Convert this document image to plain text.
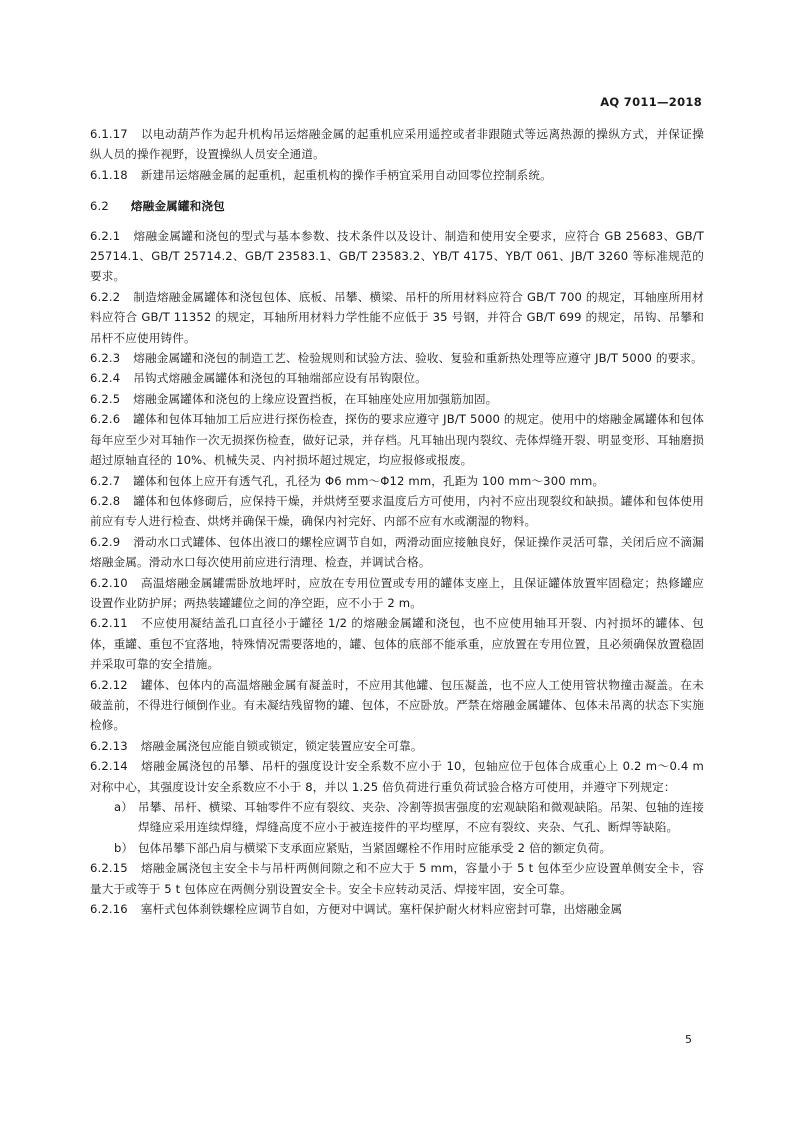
AQ 7011—2018

6.1.17 以电动葫芦作为起升机构吊运熔融金属的起重机应采用遥控或者非跟随式等远离热源的操纵方式，并保证操纵人员的操作视野，设置操纵人员安全通道。

6.1.18 新建吊运熔融金属的起重机，起重机构的操作手柄宜采用自动回零位控制系统。

6.2 熔融金属罐和浇包

6.2.1 熔融金属罐和浇包的型式与基本参数、技术条件以及设计、制造和使用安全要求，应符合 GB 25683、GB/T 25714.1、GB/T 25714.2、GB/T 23583.1、GB/T 23583.2、YB/T 4175、YB/T 061、JB/T 3260 等标准规范的要求。

6.2.2 制造熔融金属罐体和浇包包体、底板、吊攀、横梁、吊杆的所用材料应符合 GB/T 700 的规定，耳轴座所用材料应符合 GB/T 11352 的规定，耳轴所用材料力学性能不应低于 35 号钢，并符合 GB/T 699 的规定，吊钩、吊攀和吊杆不应使用铸件。

6.2.3 熔融金属罐和浇包的制造工艺、检验规则和试验方法、验收、复验和重新热处理等应遵守 JB/T 5000 的要求。

6.2.4 吊钩式熔融金属罐体和浇包的耳轴端部应设有吊钩限位。

6.2.5 熔融金属罐体和浇包的上缘应设置挡板，在耳轴座处应用加强筋加固。

6.2.6 罐体和包体耳轴加工后应进行探伤检查，探伤的要求应遵守 JB/T 5000 的规定。使用中的熔融金属罐体和包体每年应至少对耳轴作一次无损探伤检查，做好记录，并存档。凡耳轴出现内裂纹、壳体焊缝开裂、明显变形、耳轴磨损超过原轴直径的 10%、机械失灵、内衬损坏超过规定，均应报修或报废。

6.2.7 罐体和包体上应开有透气孔，孔径为 Φ6 mm～Φ12 mm，孔距为 100 mm～300 mm。

6.2.8 罐体和包体修砌后，应保持干燥，并烘烤至要求温度后方可使用，内衬不应出现裂纹和缺损。罐体和包体使用前应有专人进行检查、烘烤并确保干燥，确保内衬完好、内部不应有水或潮湿的物料。

6.2.9 滑动水口式罐体、包体出液口的螺栓应调节自如，两滑动面应接触良好，保证操作灵活可靠，关闭后应不滴漏熔融金属。滑动水口每次使用前应进行清理、检查，并调试合格。

6.2.10 高温熔融金属罐需卧放地坪时，应放在专用位置或专用的罐体支座上，且保证罐体放置牢固稳定；热修罐应设置作业防护屏；两热装罐罐位之间的净空距，应不小于 2 m。

6.2.11 不应使用凝结盖孔口直径小于罐径 1/2 的熔融金属罐和浇包，也不应使用轴耳开裂、内衬损坏的罐体、包体，重罐、重包不宜落地，特殊情况需要落地的，罐、包体的底部不能承重，应放置在专用位置，且必须确保放置稳固并采取可靠的安全措施。

6.2.12 罐体、包体内的高温熔融金属有凝盖时，不应用其他罐、包压凝盖，也不应人工使用管状物撞击凝盖。在未破盖前，不得进行倾倒作业。有未凝结残留物的罐、包体，不应卧放。严禁在熔融金属罐体、包体未吊离的状态下实施检修。

6.2.13 熔融金属浇包应能自锁或锁定，锁定装置应安全可靠。

6.2.14 熔融金属浇包的吊攀、吊杆的强度设计安全系数不应小于 10，包轴应位于包体合成重心上 0.2 m～0.4 m 对称中心，其强度设计安全系数应不小于 8，并以 1.25 倍负荷进行重负荷试验合格方可使用，并遵守下列规定：

a） 吊攀、吊杆、横梁、耳轴零件不应有裂纹、夹杂、冷割等损害强度的宏观缺陷和微观缺陷。吊架、包轴的连接焊缝应采用连续焊缝，焊缝高度不应小于被连接件的平均壁厚，不应有裂纹、夹杂、气孔、断焊等缺陷。

b） 包体吊攀下部凸肩与横梁下支承面应紧贴，当紧固螺栓不作用时应能承受 2 倍的额定负荷。

6.2.15 熔融金属浇包主安全卡与吊杆两侧间隙之和不应大于 5 mm，容量小于 5 t 包体至少应设置单侧安全卡，容量大于或等于 5 t 包体应在两侧分别设置安全卡。安全卡应转动灵活、焊接牢固，安全可靠。

6.2.16 塞杆式包体刹铁螺栓应调节自如，方便对中调试。塞杆保护耐火材料应密封可靠，出熔融金属

5
